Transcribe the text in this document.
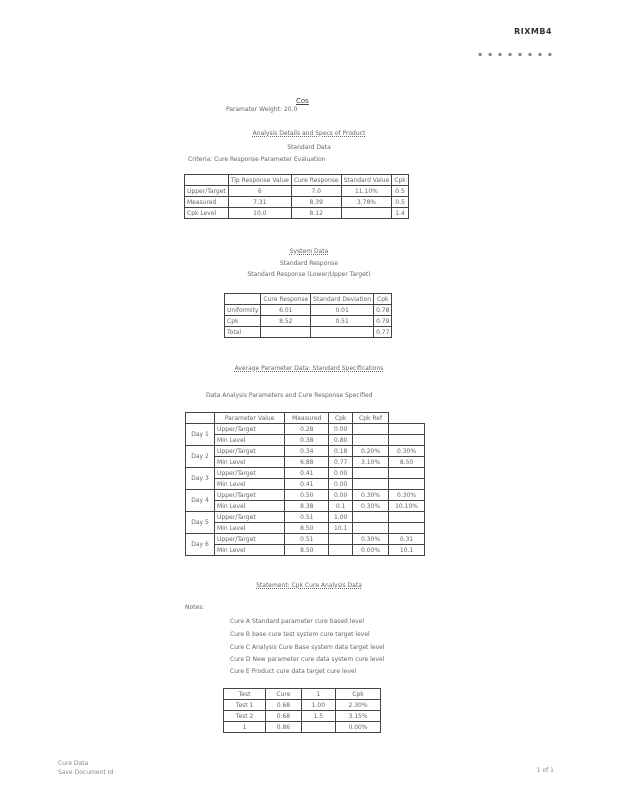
RIXMB4
▪ ▪ ▪ ▪ ▪ ▪ ▪ ▪
Cos
Paramater Weight: 20.0
Analysis Details and Specs of Product
Standard Data
Criteria: Cure Response Parameter Evaluation
	Tip Response Value	Cure Response	Standard Value	Cpk
Upper/Target	6	7.0	11.10%	0.5
Measured	7.31	8.39	3.78%	0.5
Cpk Level	10.0	8.12		1.4
System Data
Standard Response
Standard Response (Lower/Upper Target)
	Cure Response	Standard Deviation	Cpk
Uniformity	6.01	0.01	0.78
Cpk	8.52	0.51	0.79
Total			0.77
Average Parameter Data: Standard Specifications
Data Analysis Parameters and Cure Response Specified
	Parameter Value	Measured	Cpk	Cpk Ref	
Day 1	Upper/Target	0.28	0.00		
	Min Level	0.38	0.80		
Day 2	Upper/Target	0.34	0.18	0.20%	0.30%
	Min Level	6.88	0.77	3.10%	8.50
Day 3	Upper/Target	0.41	0.00		
	Min Level	0.41	0.00		
Day 4	Upper/Target	0.50	0.00	0.30%	0.30%
	Min Level	8.38	0.1	0.30%	10.10%
Day 5	Upper/Target	0.51	1.00		
	Min Level	8.50	10.1		
Day 6	Upper/Target	0.51		0.30%	0.31
	Min Level	8.50		0.00%	10.1
Statement: Cpk Cure Analysis Data
Notes:
Cure A Standard parameter cure based level
Cure B base cure test system cure target level
Cure C Analysis Cure Base system data target level
Cure D New parameter cure data system cure level
Cure E Product cure data target cure level
Test	Cure	1	Cpk
Test 1	0.68	1.00	2.30%
Test 2	0.68	1.5	3.15%
1	0.86		0.00%
Cure Data
Save Document Id	1 of 1
